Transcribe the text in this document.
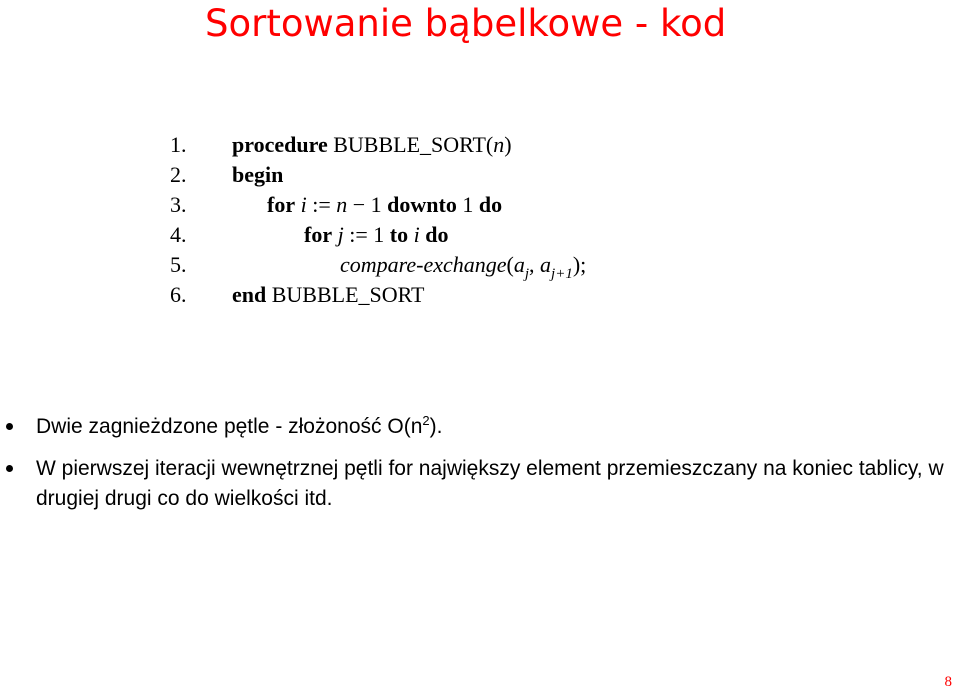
Sortowanie bąbelkowe - kod
1. procedure BUBBLE_SORT(n)
2. begin
3.	for i := n − 1 downto 1 do
4.	for j := 1 to i do
5.	compare-$exchange(a_j$, $a_{j+1}$);
6. end BUBBLE_SORT
Dwie zagnieżdzone pętle - złożoność $O(n^2)$.
W pierwszej iteracji wewnętrznej pętli for największy element przemieszczany na koniec tablicy, w drugiej drugi co do wielkości itd.
8
